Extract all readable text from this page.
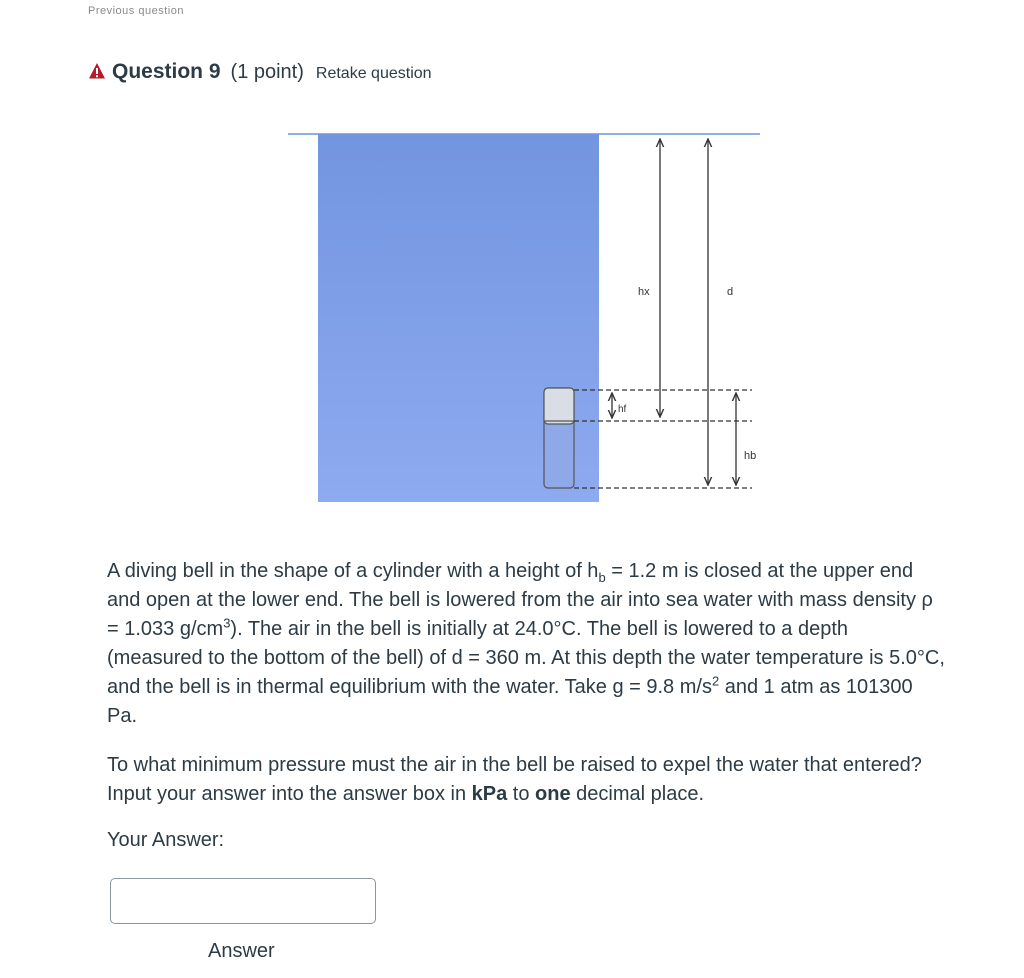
Previous question
Question 9 (1 point) Retake question
hx	d
hf
hb

A diving bell in the shape of a cylinder with a height of $h_b = 1.2$ m is closed at the upper end and open at the lower end. The bell is lowered from the air into sea water with mass density ρ = 1.033 $g/cm^3$). The air in the bell is initially at 24.0°C. The bell is lowered to a depth (measured to the bottom of the bell) of d = 360 m. At this depth the water temperature is 5.0°C, and the bell is in thermal equilibrium with the water. Take g = 9.8 $m/s^2$ and 1 atm as 101300 Pa.

To what minimum pressure must the air in the bell be raised to expel the water that entered? Input your answer into the answer box in kPa to one decimal place.

Your Answer:
Answer
